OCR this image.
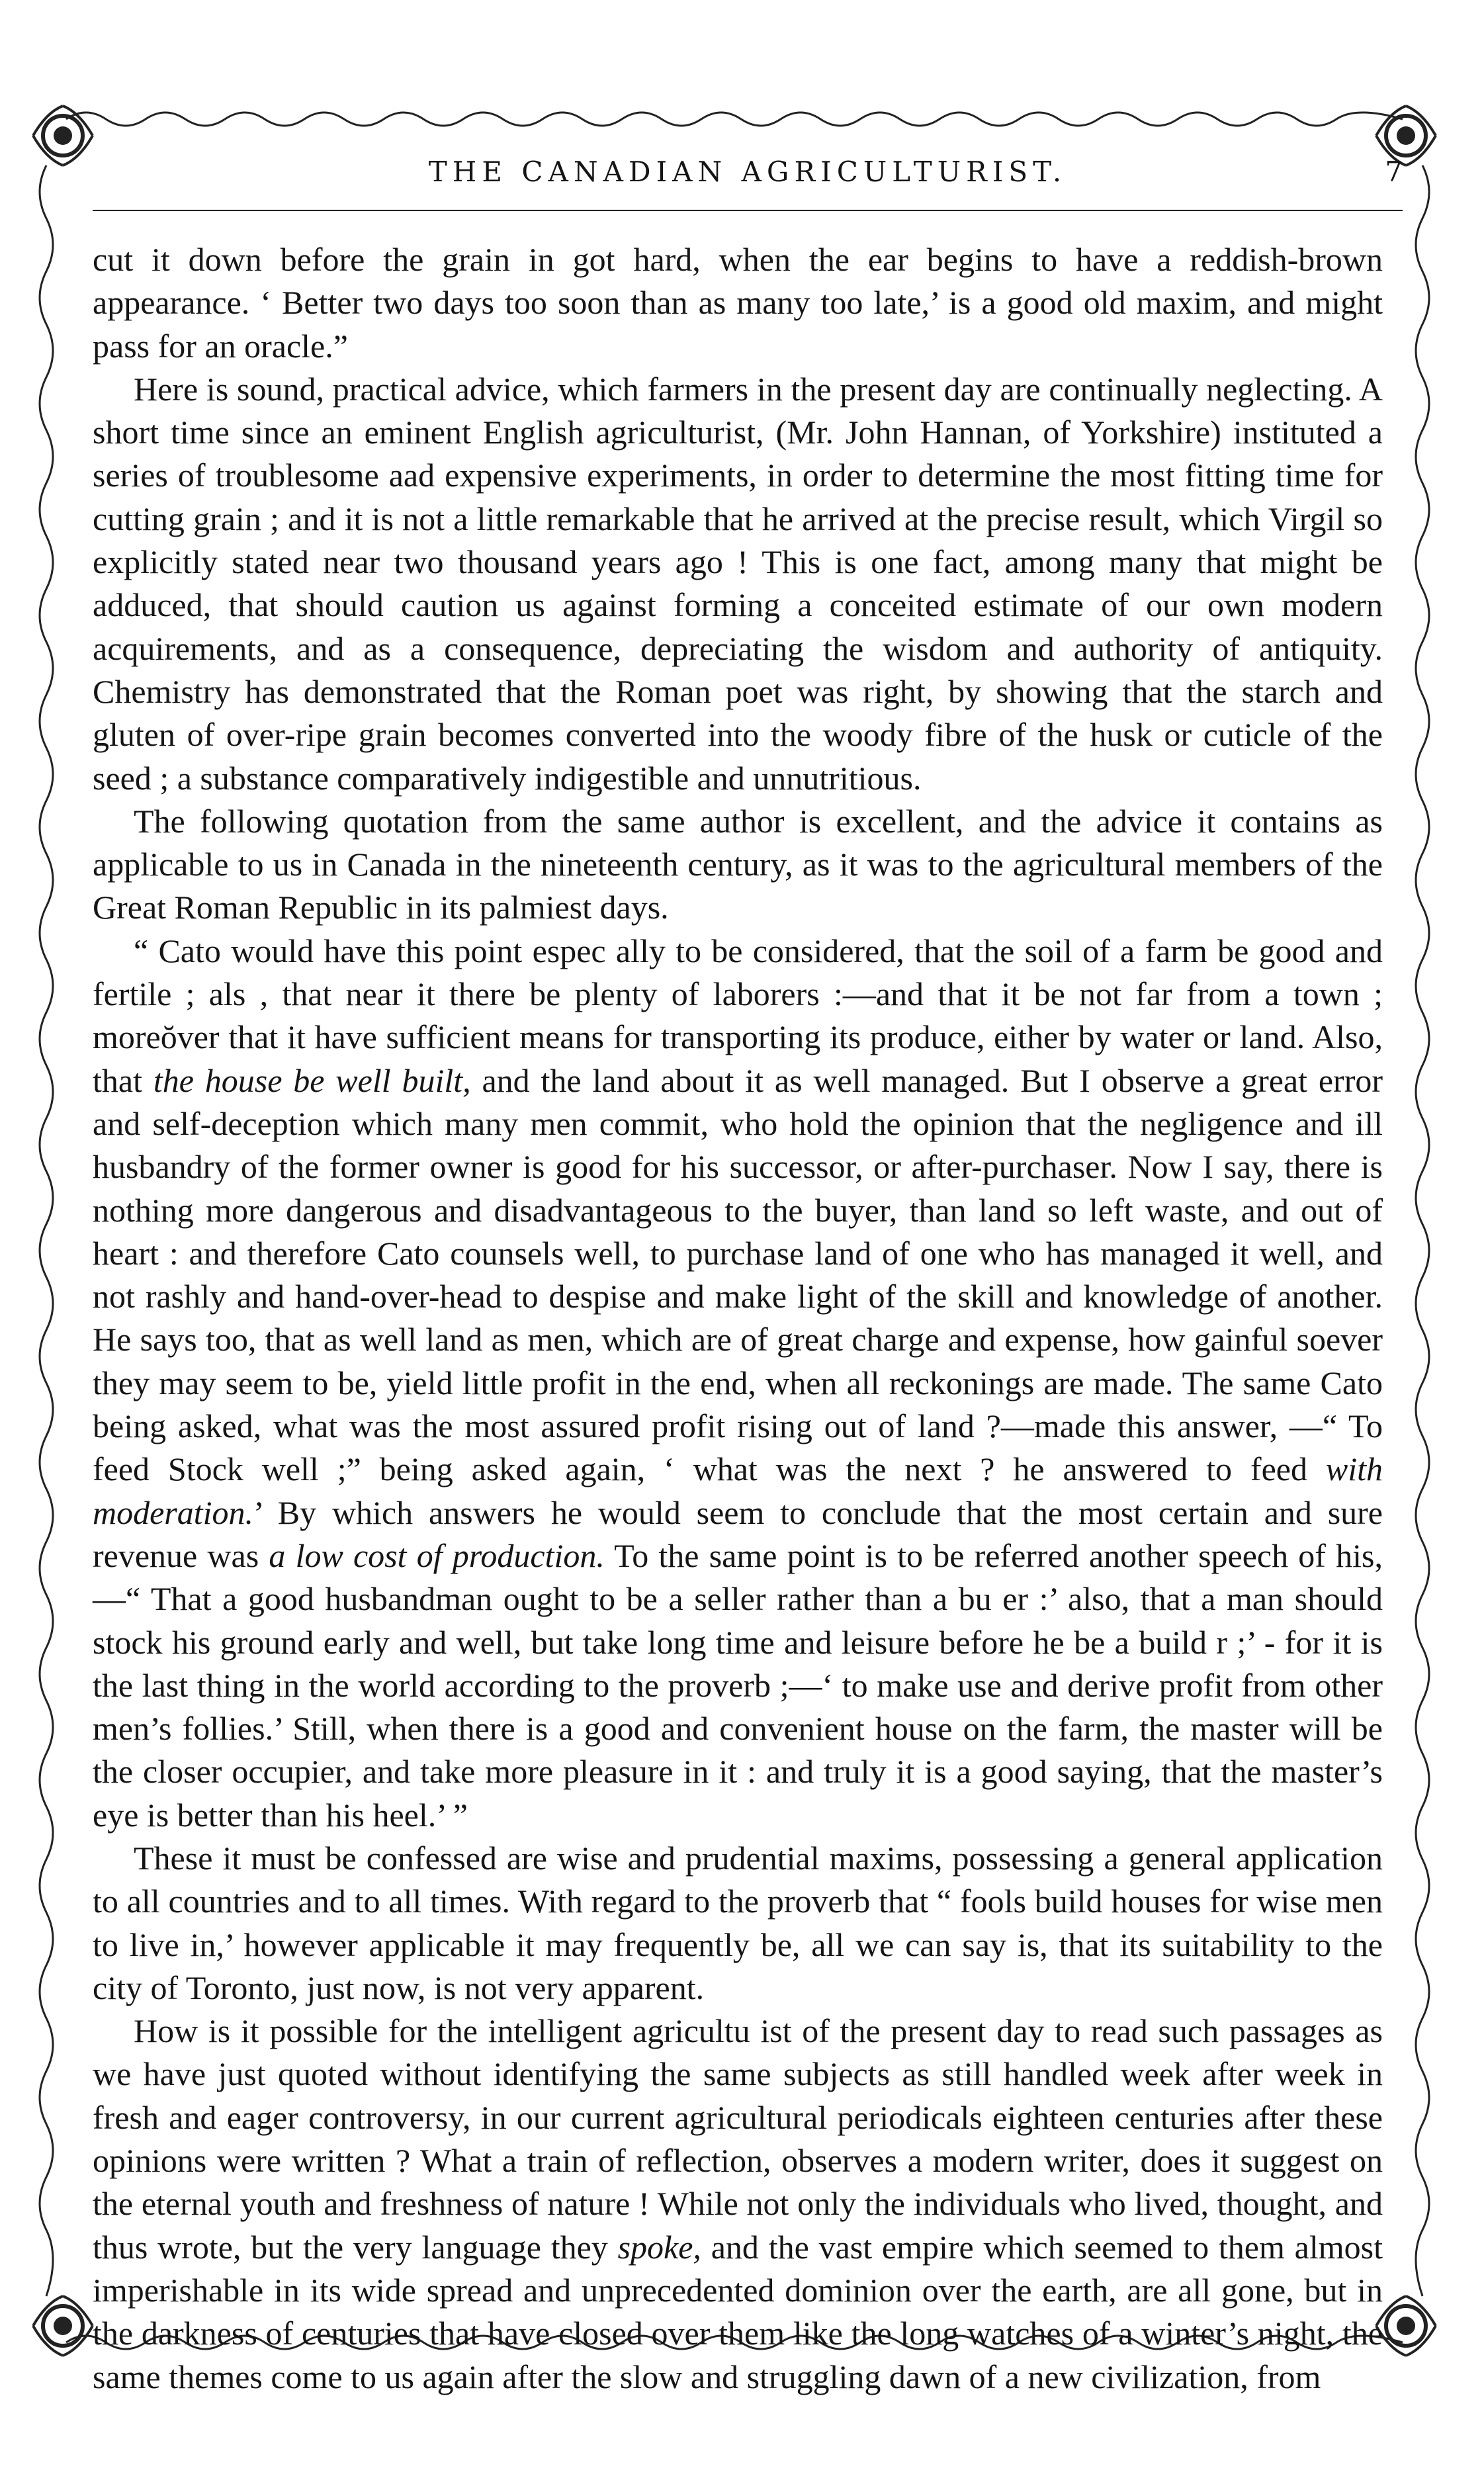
THE CANADIAN AGRICULTURIST.	7

cut it down before the grain in got hard, when the ear begins to have a reddish-brown appearance. ‘ Better two days too soon than as many too late,’ is a good old maxim, and might pass for an oracle.”

Here is sound, practical advice, which farmers in the present day are continually neglecting. A short time since an eminent English agriculturist, (Mr. John Hannan, of Yorkshire) instituted a series of troublesome aad expensive experiments, in order to determine the most fitting time for cutting grain ; and it is not a little remarkable that he arrived at the precise result, which Virgil so explicitly stated near two thousand years ago ! This is one fact, among many that might be adduced, that should caution us against forming a conceited estimate of our own modern acquirements, and as a consequence, depreciating the wisdom and authority of antiquity. Chemistry has demonstrated that the Roman poet was right, by showing that the starch and gluten of over-ripe grain becomes converted into the woody fibre of the husk or cuticle of the seed ; a substance comparatively indigestible and unnutritious.

The following quotation from the same author is excellent, and the advice it contains as applicable to us in Canada in the nineteenth century, as it was to the agricultural members of the Great Roman Republic in its palmiest days.

“ Cato would have this point espec ally to be considered, that the soil of a farm be good and fertile ; als , that near it there be plenty of laborers :—and that it be not far from a town ; moreŏver that it have sufficient means for transporting its produce, either by water or land. Also, that the house be well built, and the land about it as well managed. But I observe a great error and self-deception which many men commit, who hold the opinion that the negligence and ill husbandry of the former owner is good for his successor, or after-purchaser. Now I say, there is nothing more dangerous and disadvantageous to the buyer, than land so left waste, and out of heart : and therefore Cato counsels well, to purchase land of one who has managed it well, and not rashly and hand-over-head to despise and make light of the skill and knowledge of another. He says too, that as well land as men, which are of great charge and expense, how gainful soever they may seem to be, yield little profit in the end, when all reckonings are made. The same Cato being asked, what was the most assured profit rising out of land ?—made this answer, —“ To feed Stock well ;” being asked again, ‘ what was the next ? he answered to feed with moderation.’ By which answers he would seem to conclude that the most certain and sure revenue was a low cost of production. To the same point is to be referred another speech of his,—“ That a good husbandman ought to be a seller rather than a bu er :’ also, that a man should stock his ground early and well, but take long time and leisure before he be a build r ;’ - for it is the last thing in the world according to the proverb ;—‘ to make use and derive profit from other men’s follies.’ Still, when there is a good and convenient house on the farm, the master will be the closer occupier, and take more pleasure in it : and truly it is a good saying, that the master’s eye is better than his heel.’ ”

These it must be confessed are wise and prudential maxims, possessing a general application to all countries and to all times. With regard to the proverb that “ fools build houses for wise men to live in,’ however applicable it may frequently be, all we can say is, that its suitability to the city of Toronto, just now, is not very apparent.

How is it possible for the intelligent agricultu ist of the present day to read such passages as we have just quoted without identifying the same subjects as still handled week after week in fresh and eager controversy, in our current agricultural periodicals eighteen centuries after these opinions were written ? What a train of reflection, observes a modern writer, does it suggest on the eternal youth and freshness of nature ! While not only the individuals who lived, thought, and thus wrote, but the very language they spoke, and the vast empire which seemed to them almost imperishable in its wide spread and unprecedented dominion over the earth, are all gone, but in the darkness of centuries that have closed over them like the long watches of a winter’s night, the same themes come to us again after the slow and struggling dawn of a new civilization, from
